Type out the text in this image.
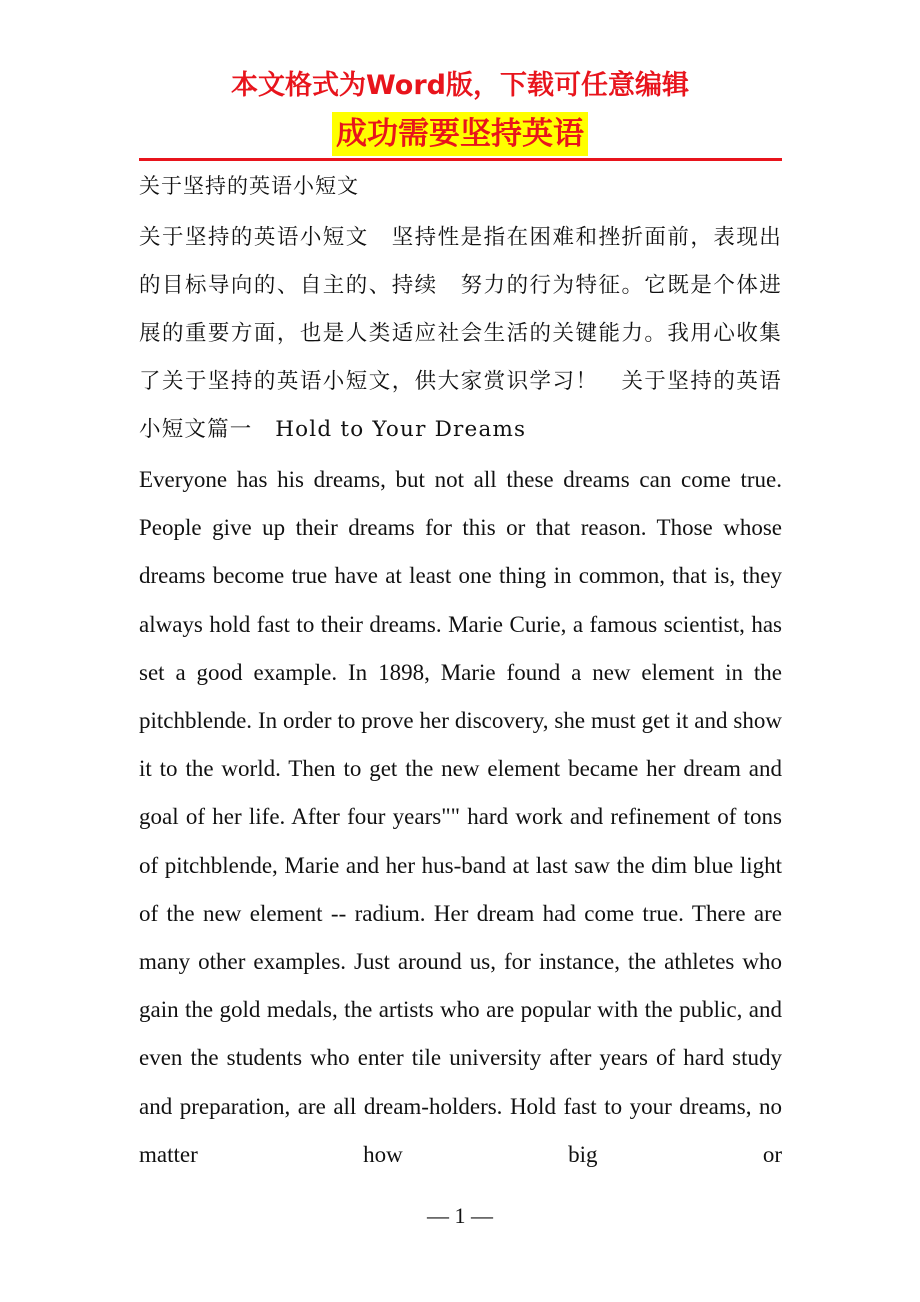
本文格式为Word版，下载可任意编辑
成功需要坚持英语
关于坚持的英语小短文
关于坚持的英语小短文　坚持性是指在困难和挫折面前，表现出的目标导向的、自主的、持续　努力的行为特征。它既是个体进展的重要方面，也是人类适应社会生活的关键能力。我用心收集了关于坚持的英语小短文，供大家赏识学习！　关于坚持的英语小短文篇一　Hold to Your Dreams
Everyone has his dreams, but not all these dreams can come true. People give up their dreams for this or that reason. Those whose dreams become true have at least one thing in common, that is, they always hold fast to their dreams. Marie Curie, a famous scientist, has set a good example. In 1898, Marie found a new element in the pitchblende. In order to prove her discovery, she must get it and show it to the world. Then to get the new element became her dream and goal of her life. After four years"" hard work and refinement of tons of pitchblende, Marie and her hus-band at last saw the dim blue light of the new element -- radium. Her dream had come true. There are many other examples. Just around us, for instance, the athletes who gain the gold medals, the artists who are popular with the public, and even the students who enter tile university after years of hard study and preparation, are all dream-holders. Hold fast to your dreams, no matter how big or
— 1 —
